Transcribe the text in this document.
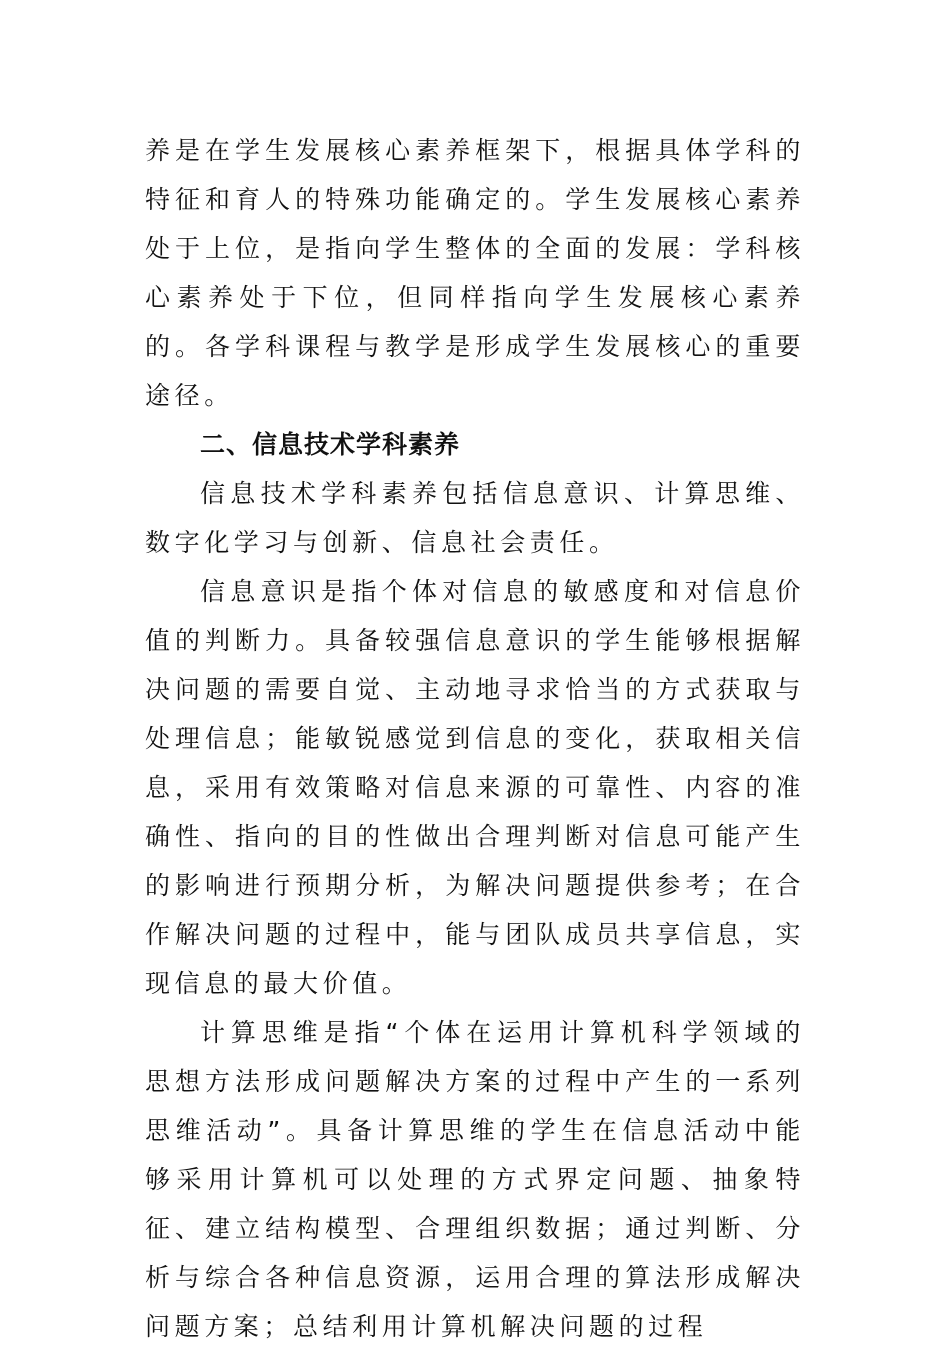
养是在学生发展核心素养框架下，根据具体学科的特征和育人的特殊功能确定的。学生发展核心素养处于上位，是指向学生整体的全面的发展：学科核心素养处于下位，但同样指向学生发展核心素养的。各学科课程与教学是形成学生发展核心的重要途径。

二、信息技术学科素养

信息技术学科素养包括信息意识、计算思维、数字化学习与创新、信息社会责任。

信息意识是指个体对信息的敏感度和对信息价值的判断力。具备较强信息意识的学生能够根据解决问题的需要自觉、主动地寻求恰当的方式获取与处理信息；能敏锐感觉到信息的变化，获取相关信息，采用有效策略对信息来源的可靠性、内容的准确性、指向的目的性做出合理判断对信息可能产生的影响进行预期分析，为解决问题提供参考；在合作解决问题的过程中，能与团队成员共享信息，实现信息的最大价值。

计算思维是指“个体在运用计算机科学领域的思想方法形成问题解决方案的过程中产生的一系列思维活动”。具备计算思维的学生在信息活动中能够采用计算机可以处理的方式界定问题、抽象特征、建立结构模型、合理组织数据；通过判断、分析与综合各种信息资源，运用合理的算法形成解决问题方案；总结利用计算机解决问题的过程
